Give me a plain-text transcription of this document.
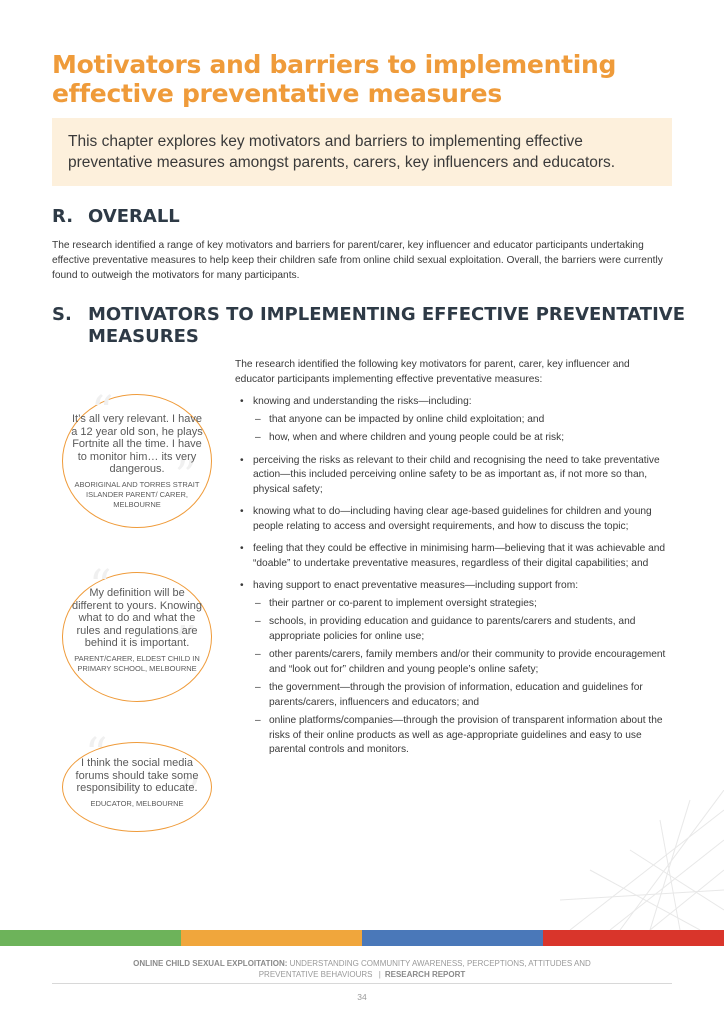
Motivators and barriers to implementing effective preventative measures
This chapter explores key motivators and barriers to implementing effective preventative measures amongst parents, carers, key influencers and educators.
R. OVERALL

The research identified a range of key motivators and barriers for parent/carer, key influencer and educator participants undertaking effective preventative measures to help keep their children safe from online child sexual exploitation. Overall, the barriers were currently found to outweigh the motivators for many participants.

S. MOTIVATORS TO IMPLEMENTING EFFECTIVE PREVENTATIVE
MEASURES

The research identified the following key motivators for parent, carer, key influencer and educator participants implementing effective preventative measures:

• knowing and understanding the risks—including:
– that anyone can be impacted by online child exploitation; and
– how, when and where children and young people could be at risk;
• perceiving the risks as relevant to their child and recognising the need to take preventative action—this included perceiving online safety to be as important as, if not more so than, physical safety;
• knowing what to do—including having clear age-based guidelines for children and young people relating to access and oversight requirements, and how to discuss the topic;
• feeling that they could be effective in minimising harm—believing that it was achievable and “doable” to undertake preventative measures, regardless of their digital capabilities; and
• having support to enact preventative measures—including support from:
– their partner or co-parent to implement oversight strategies;
– schools, in providing education and guidance to parents/carers and students, and appropriate policies for online use;
– other parents/carers, family members and/or their community to provide encouragement and “look out for” children and young people’s online safety;
– the government—through the provision of information, education and guidelines for parents/carers, influencers and educators; and
– online platforms/companies—through the provision of transparent information about the risks of their online products as well as age-appropriate guidelines and easy to use parental controls and monitors.
“
”
It’s all very relevant. I have a 12 year old son, he plays Fortnite all the time. I have to monitor him… its very dangerous.
ABORIGINAL AND TORRES STRAIT ISLANDER PARENT/ CARER, MELBOURNE
“
”
My definition will be different to yours. Knowing what to do and what the rules and regulations are behind it is important.
PARENT/CARER, ELDEST CHILD IN PRIMARY SCHOOL, MELBOURNE
“
”
I think the social media forums should take some responsibility to educate.
EDUCATOR, MELBOURNE
ONLINE CHILD SEXUAL EXPLOITATION: UNDERSTANDING COMMUNITY AWARENESS, PERCEPTIONS, ATTITUDES AND PREVENTATIVE BEHAVIOURS | RESEARCH REPORT
34
